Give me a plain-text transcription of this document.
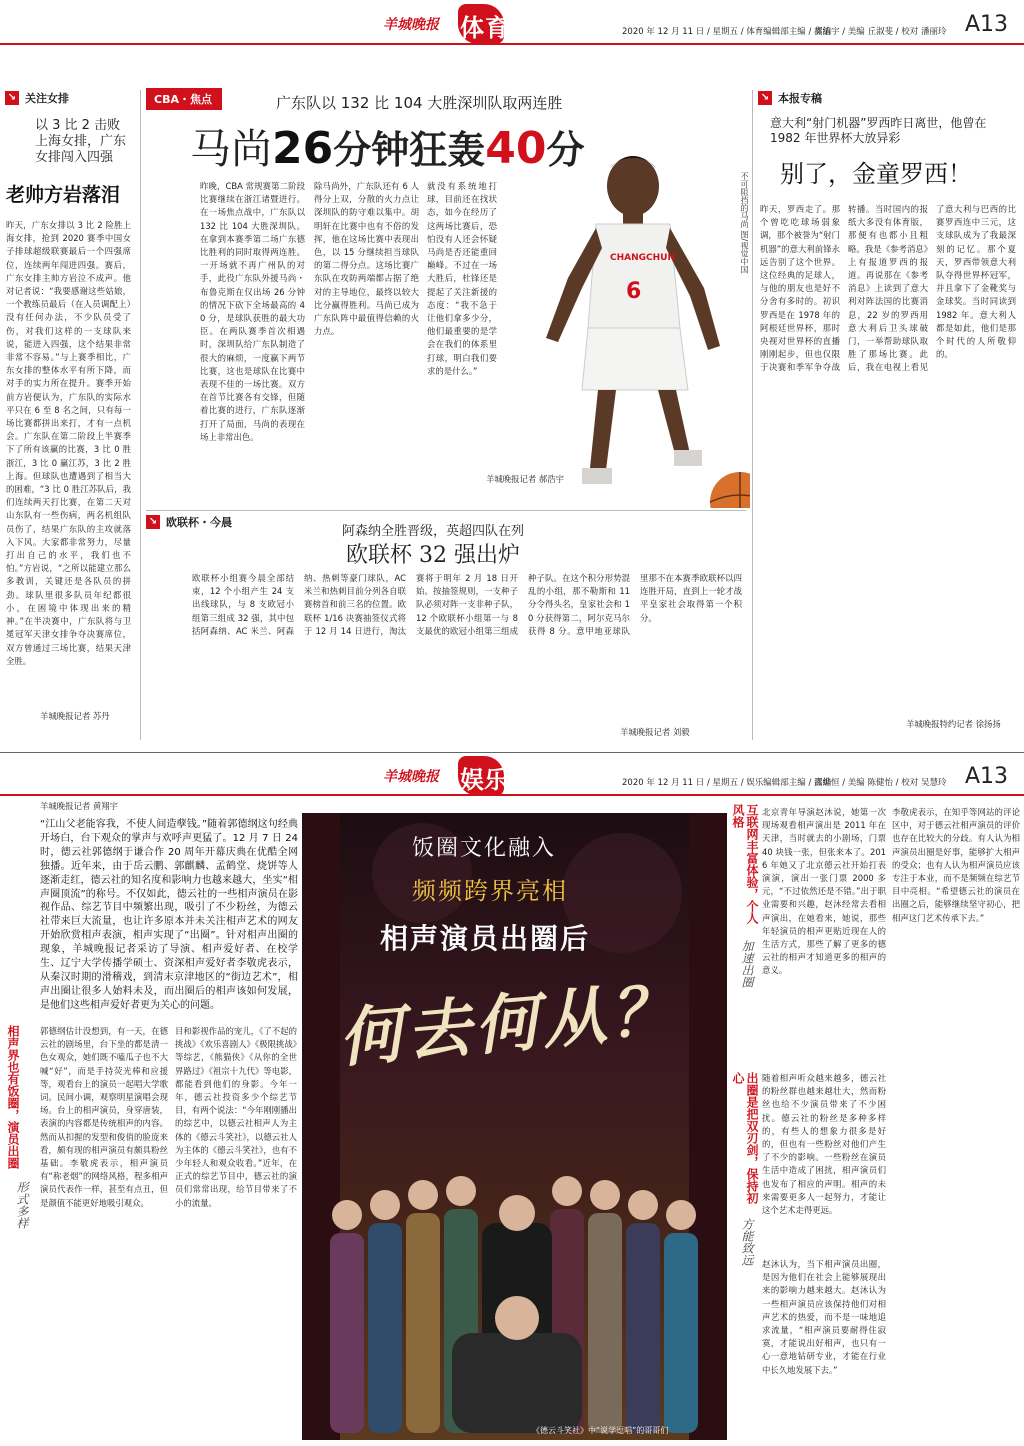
羊城晚报 体育	2020 年 12 月 11 日 / 星期五 / 体育编辑部主编 / 责编
郝洁宇 / 美编 丘淑斐 / 校对 潘丽玲 A13
↘ 关注女排
以 3 比 2 击败上海女排，广东女排闯入四强
老帅方岩落泪
昨天，广东女排以 3 比 2 险胜上海女排，抢到 2020 赛季中国女子排球超级联赛最后一个四强席位，连续两年闯进四强。赛后，广东女排主帅方岩泣不成声。他对记者说：“我要感谢这些姑娘，一个教练员最后（在人员调配上）没有任何办法，不少队员受了伤，对我们这样的一支球队来说，能进入四强，这个结果非常非常不容易。”与上赛季相比，广东女排的整体水平有所下降，而对手的实力所在提升。赛季开始前方岩便认为，广东队的实际水平只在 6 至 8 名之间，只有每一场比赛都拼出来打，才有一点机会。广东队在第二阶段上半赛季下了所有该赢的比赛，3 比 0 胜浙江，3 比 0 赢江苏，3 比 2 胜上海。但球队也遭遇到了相当大的困难，“3 比 0 胜江苏队后，我们连续两天打比赛，在第二天对山东队有一些伤病，两名机组队员伤了，结果广东队的主攻就落入下风。大家都非常努力，尽量打出自己的水平，我们也不怕。”方岩说，“之所以能建立那么多教训，关键还是各队员的拼劲。球队里很多队员年纪都很小，在困境中体现出来的精神。”在半决赛中，广东队将与卫冕冠军天津女排争夺决赛席位，双方曾通过三场比赛，结果天津全胜。
羊城晚报记者 苏丹
CBA・焦点	广东队以 132 比 104 大胜深圳队取两连胜
马尚26分钟狂轰40分
昨晚，CBA 常规赛第二阶段比赛继续在浙江诸暨进行。在一场焦点战中，广东队以 132 比 104 大胜深圳队。在拿到本赛季第二场广东德比胜利的同时取得两连胜。一开场就不再广州队的对手，此役广东队外援马尚・布鲁克斯在仅出场 26 分钟的情况下砍下全场最高的 40 分，是球队获胜的最大功臣。在两队赛季首次相遇时，深圳队给广东队制造了很大的麻烦，一度赢下两节比赛，这也是球队在比赛中表现不佳的一场比赛。双方在首节比赛各有交锋，但随着比赛的进行，广东队逐渐打开了局面，马尚的表现在场上非常出色。
除马尚外，广东队还有 6 人得分上双，分散的火力点让深圳队的防守难以集中。胡明轩在比赛中也有不俗的发挥，他在这场比赛中表现出色，以 15 分继续担当球队的第二得分点。这场比赛广东队在攻防两端都占据了绝对的主导地位，最终以较大比分赢得胜利。马尚已成为广东队阵中最值得信赖的火力点。
就没有系统地打球，目前还在找状态，如今在经历了这两场比赛后，恐怕没有人还会怀疑马尚是否还能重回巅峰。不过在一场大胜后，杜锋还是提起了关注新援的态度：“我不急于让他们拿多少分，他们最重要的是学会在我们的体系里打球，明白我们要求的是什么。”
羊城晚报记者 郝浩宇
CHANGCHUN
6
不可阻挡的马尚 图/视觉中国
↘ 欧联杯・今晨
阿森纳全胜晋级，英超四队在列
欧联杯 32 强出炉
欧联杯小组赛今晨全部结束，12 个小组产生 24 支出线球队，与 8 支欧冠小组第三组成 32 强，其中包括阿森纳、AC 米兰、阿森纳、热刺等豪门球队，AC 米兰和热刺目前分列各自联赛榜首和前三名的位置。欧联杯 1/16 决赛抽签仪式将于 12 月 14 日进行，淘汰赛将于明年 2 月 18 日开始。按抽签规则，一支种子队必须对阵一支非种子队，12 个欧联杯小组第一与 8 支最优的欧冠小组第三组成种子队。在这个积分形势混乱的小组，那不勒斯和 11 分令得头名，皇家社会和 10 分获得第二，阿尔克马尔获得 8 分。意甲地亚球队里那不在本赛季欧联杯以四连胜开局，直到上一轮才战平皇家社会取得第一个积分。
羊城晚报记者 刘毅
↘ 本报专稿
意大利“射门机器”罗西昨日离世，他曾在 1982 年世界杯大放异彩
别了，金童罗西！
昨天，罗西走了。那个曾吃吃球场弱象调，那个被誉为“射门机器”的意大利前锋永远告别了这个世界。这位经典的足球人，与他的朋友也是好不分舍有多时的。初识罗西是在 1978 年的阿根廷世界杯，那时央视对世界杯的直播刚刚起步，但也仅限于决赛和季军争夺战转播。当时国内的报纸大多没有体育版，那便有也都小且粗略。我是《参考消息》上有报道罗西的报道。再说那在《参考消息》上读到了意大利对阵法国的比赛消息，22 岁的罗西用意大利后卫头球破门，一举帮助球队取胜了那场比赛。此后，我在电视上看见了意大利与巴西的比赛罗西连中三元，这支球队成为了我最深刻的记忆。那个夏天，罗西带领意大利队夺得世界杯冠军，并且拿下了金靴奖与金球奖。当时同读到 1982 年。意大利人都是如此，他们是那个时代的人所敬仰的。
羊城晚报特约记者 徐扬扬
羊城晚报 娱乐	2020 年 12 月 11 日 / 星期五 / 娱乐编辑部主编 / 责编
邵烨恒 / 美编 陈健怡 / 校对 吴慧玲 A13
羊城晚报记者 黄翔宇
“江山父老能容我，不使人间造孽钱。”随着郭德纲这句经典开场白，台下观众的掌声与欢呼声更猛了。12 月 7 日 24 时，德云社郭德纲于谦合作 20 周年开幕庆典在优酷全网独播。近年来，由于岳云鹏、郭麒麟、孟鹤堂、烧饼等人逐渐走红，德云社的知名度和影响力也越来越大，坐实“相声圈顶流”的称号。不仅如此，德云社的一些相声演员在影视作品、综艺节目中频繁出现，吸引了不少粉丝，为德云社带来巨大流量，也让许多原本并未关注相声艺术的网友开始欣赏相声表演，相声实现了“出圈”。针对相声出圈的现象，羊城晚报记者采访了导演、相声爱好者、在校学生、辽宁大学传播学硕士、资深相声爱好者李敬虎表示，从秦汉时期的滑稽戏，到清末京津地区的“街边艺术”，相声出圈让很多人始料未及，而出圈后的相声该如何发展，是他们这些相声爱好者更为关心的问题。
相声界也有饭圈，演员出圈
形式多样
郭德纲估计没想到，有一天，在德云社的剧场里，台下坐的都是清一色女观众，她们既不嗑瓜子也不大喊“好”，而是手持荧光棒和应援等，观看台上的演员一起唱大学歌词。民间小调，观察明星演唱会现场。台上的相声演员，身穿唐装，表演的内容都是传统相声的内容。然而从扣握的发型和俊俏的脸庞来看，颇有现的相声演员有颇具粉丝基础。李敬虎表示，相声演员有“称老烟”的网络风格，程多相声演员代表作一样，甚至有点丑，但是颜值不能更好地吸引观众。
目和影视作品的宠儿，《了不起的挑战》《欢乐喜剧人》《极限挑战》等综艺，《熊猫侠》《从你的全世界路过》《祖宗十九代》等电影，都能看到他们的身影。今年一年，德云社投资多少个综艺节目，有两个说法：“今年刚刚播出的综艺中，以德云社相声人为主体的《德云斗笑社》，以德云社人为主体的《德云斗笑社》，也有不少年轻人和观众收看。”近年，在正式的综艺节目中，德云社的演员们常常出现，给节目带来了不小的流量。
饭圈文化融入
频频跨界亮相
相声演员出圈后
何去何从？
《德云斗笑社》中“说学逗唱”的哥哥们
互联网丰富体验，个人风格
加速出圈
北京青年导演赵沐说，她第一次现场观看相声演出是 2011 年在天津，当时就去的小剧场，门票 40 块钱一张，但张来本了。2016 年她又了北京德云社开始打表演演，演出一张门票 2000 多元，“不过依然还是不错。”出于职业需要和兴趣，赵沐经常去看相声演出，在她看来，她说，那些年轻演员的相声更贴近现在人的生活方式，那些了解了更多的德云社的相声才知道更多的相声的意义。
李敬虎表示，在知乎等网站的评论区中，对于德云社相声演员的评价也存在比较大的分歧。有人认为相声演员出圈是好事，能够扩大相声的受众；也有人认为相声演员应该专注于本业，而不是频频在综艺节目中亮相。“希望德云社的演员在出圈之后，能够继续坚守初心，把相声这门艺术传承下去。”
出圈是把双刃剑，保持初心
方能致远
随着相声听众越来越多，德云社的粉丝群也越来越壮大，然而粉丝也给不少演员带来了不少困扰。德云社的粉丝是多种多样的，有些人的想象力很多是好的，但也有一些粉丝对他们产生了不少的影响。一些粉丝在演员生活中造成了困扰，相声演员们也发布了相应的声明。相声的未来需要更多人一起努力，才能让这个艺术走得更远。
赵沐认为，当下相声演员出圈，是因为他们在社会上能够展现出来的影响力越来越大。赵沐认为一些相声演员应该保持他们对相声艺术的热爱，而不是一味地追求流量，“相声演员要耐得住寂寞，才能说出好相声，也只有一心一意地钻研专业，才能在行业中长久地发展下去。”
